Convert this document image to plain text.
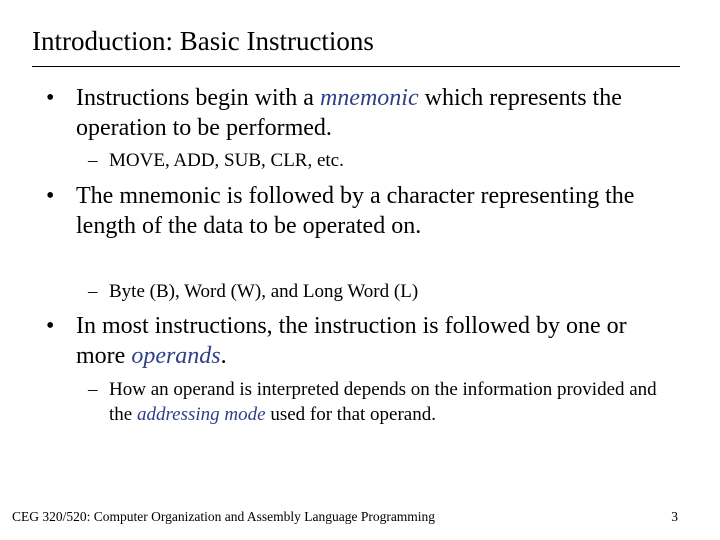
Introduction: Basic Instructions
• Instructions begin with a mnemonic which represents the operation to be performed.
– MOVE, ADD, SUB, CLR, etc.
• The mnemonic is followed by a character representing the length of the data to be operated on.
– Byte (B), Word (W), and Long Word (L)
• In most instructions, the instruction is followed by one or more operands.
– How an operand is interpreted depends on the information provided and the addressing mode used for that operand.
CEG 320/520: Computer Organization and Assembly Language Programming	3
